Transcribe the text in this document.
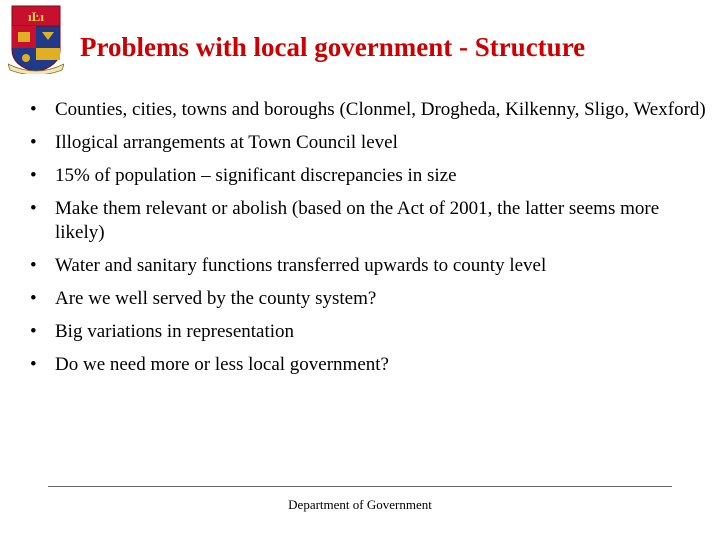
ıĿı
Problems with local government - Structure
• Counties, cities, towns and boroughs (Clonmel, Drogheda, Kilkenny, Sligo, Wexford)
• Illogical arrangements at Town Council level
• 15% of population – significant discrepancies in size
• Make them relevant or abolish (based on the Act of 2001, the latter seems more likely)
• Water and sanitary functions transferred upwards to county level
• Are we well served by the county system?
• Big variations in representation
• Do we need more or less local government?
Department of Government
